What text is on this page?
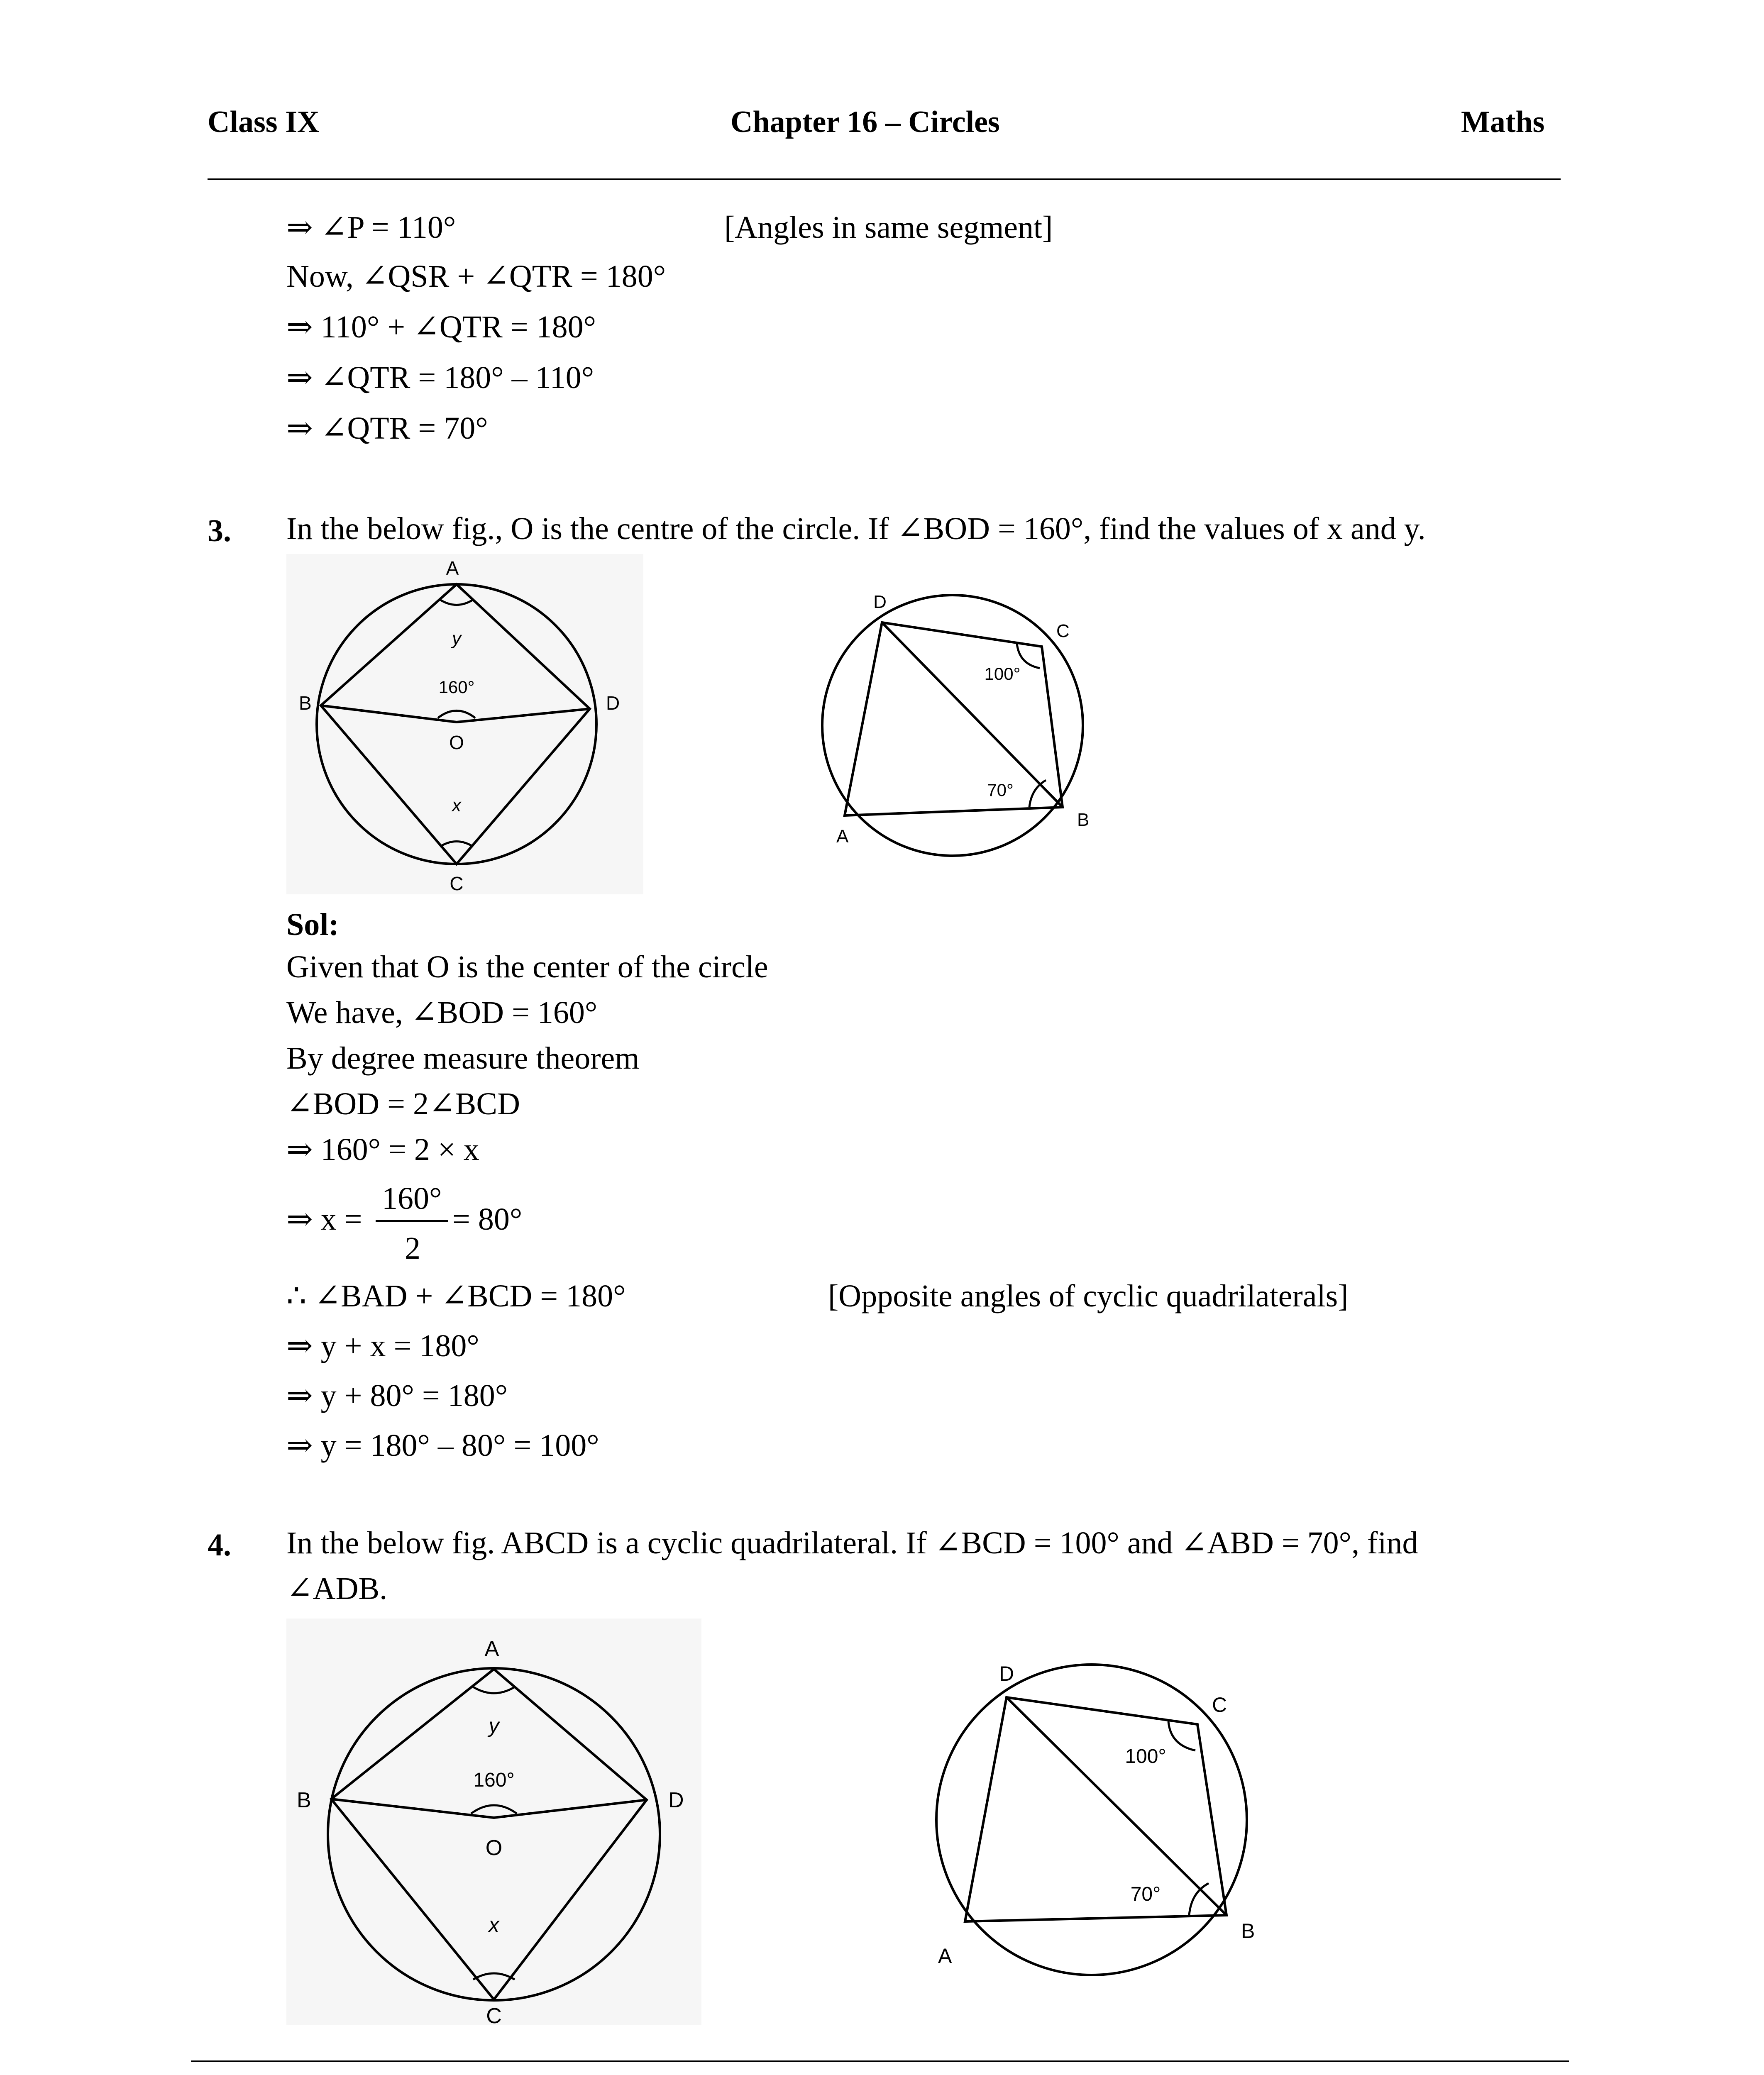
Class IX	Chapter 16 – Circles	Maths
⇒ ∠P = 110°	[Angles in same segment]
Now, ∠QSR + ∠QTR = 180°
⇒ 110° + ∠QTR = 180°
⇒ ∠QTR = 180° – 110°
⇒ ∠QTR = 70°
3. In the below fig., O is the centre of the circle. If ∠BOD = 160°, find the values of x and y.
A
B	D
C
O
y
x
160°
D
C
B
A
100°
70°
Sol:
Given that O is the center of the circle
We have, ∠BOD = 160°
By degree measure theorem
∠BOD = 2∠BCD
⇒ 160° = 2 × x
⇒ x =
160°
2
= 80°
∴ ∠BAD + ∠BCD = 180°	[Opposite angles of cyclic quadrilaterals]
⇒ y + x = 180°
⇒ y + 80° = 180°
⇒ y = 180° – 80° = 100°
4. In the below fig. ABCD is a cyclic quadrilateral. If ∠BCD = 100° and ∠ABD = 70°, find
∠ADB.
A
B	D
C
O
y
x
160°
D
C
B
A
100°
70°
